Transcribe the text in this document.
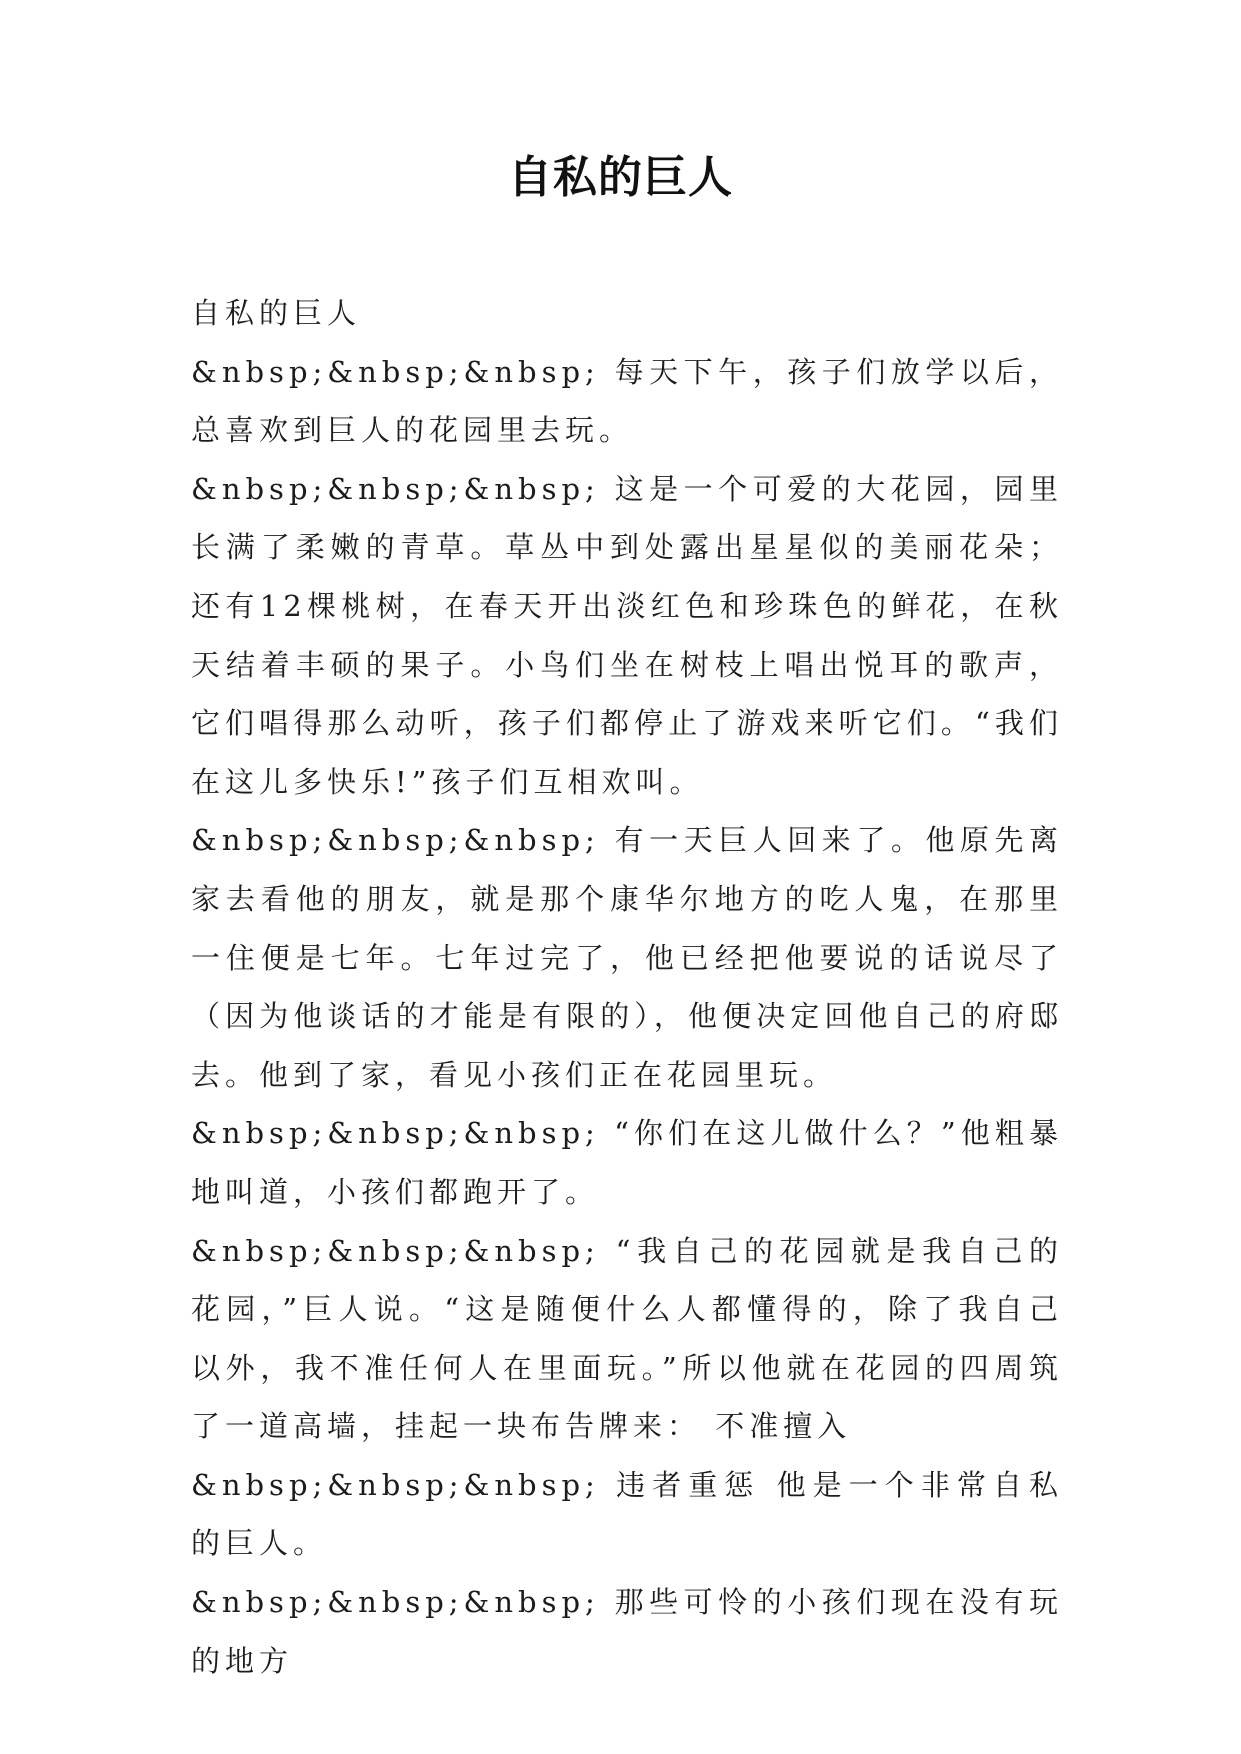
自私的巨人

自私的巨人

&nbsp;&nbsp;&nbsp; 每天下午，孩子们放学以后，总喜欢到巨人的花园里去玩。

&nbsp;&nbsp;&nbsp; 这是一个可爱的大花园，园里长满了柔嫩的青草。草丛中到处露出星星似的美丽花朵；还有12棵桃树，在春天开出淡红色和珍珠色的鲜花，在秋天结着丰硕的果子。小鸟们坐在树枝上唱出悦耳的歌声，它们唱得那么动听，孩子们都停止了游戏来听它们。“我们在这儿多快乐!”孩子们互相欢叫。

&nbsp;&nbsp;&nbsp; 有一天巨人回来了。他原先离家去看他的朋友，就是那个康华尔地方的吃人鬼，在那里一住便是七年。七年过完了，他已经把他要说的话说尽了（因为他谈话的才能是有限的），他便决定回他自己的府邸去。他到了家，看见小孩们正在花园里玩。

&nbsp;&nbsp;&nbsp; “你们在这儿做什么？”他粗暴地叫道，小孩们都跑开了。

&nbsp;&nbsp;&nbsp; “我自己的花园就是我自己的花园，”巨人说。“这是随便什么人都懂得的，除了我自己以外，我不准任何人在里面玩。”所以他就在花园的四周筑了一道高墙，挂起一块布告牌来： 不准擅入

&nbsp;&nbsp;&nbsp; 违者重惩 他是一个非常自私的巨人。

&nbsp;&nbsp;&nbsp; 那些可怜的小孩们现在没有玩的地方
